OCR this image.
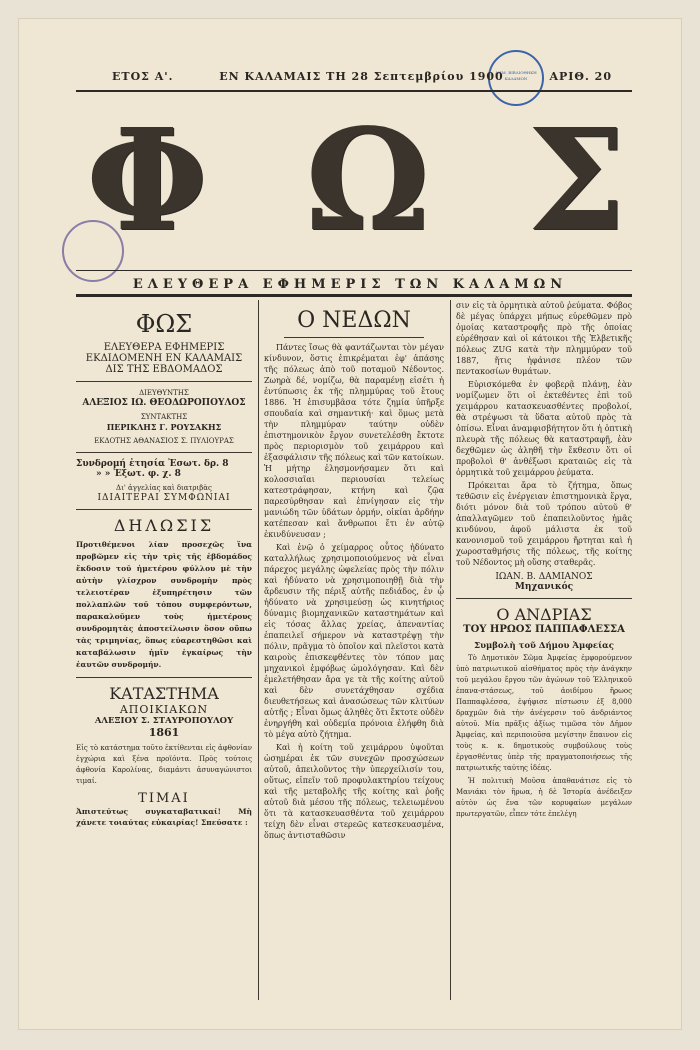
ΔΗΜ. ΒΙΒΛΙΟΘΗΚΗ ΚΑΛΑΜΩΝ
ΕΤΟΣ Α'.	ΕΝ ΚΑΛΑΜΑΙΣ ΤΗ 28 Σεπτεμβρίου 1900	ΑΡΙΘ. 20
Φ Ω Σ
ΕΛΕΥΘΕΡΑ ΕΦΗΜΕΡΙΣ ΤΩΝ ΚΑΛΑΜΩΝ
ΦΩΣ
ΕΛΕΥΘΕΡΑ ΕΦΗΜΕΡΙΣ
ΕΚΔΙΔΟΜΕΝΗ ΕΝ ΚΑΛΑΜΑΙΣ
ΔΙΣ ΤΗΣ ΕΒΔΟΜΑΔΟΣ
ΔΙΕΥΘΥΝΤΗΣ
ΑΛΕΞΙΟΣ ΙΩ. ΘΕΟΔΩΡΟΠΟΥΛΟΣ
ΣΥΝΤΑΚΤΗΣ
ΠΕΡΙΚΛΗΣ Γ. ΡΟΥΣΑΚΗΣ
ΕΚΔΟΤΗΣ ΑΘΑΝΑΣΙΟΣ Σ. ΠΥΛΙΟΥΡΑΣ
Συνδρομή ἐτησία Ἐσωτ. δρ. 8
» » Ἐξωτ. φ. χ. 8
Δι' ἀγγελίας καὶ διατριβὰς
ΙΔΙΑΙΤΕΡΑΙ ΣΥΜΦΩΝΙΑΙ
ΔΗΛΩΣΙΣ
Προτιθέμενοι λίαν προσεχῶς ἵνα προβῶμεν εἰς τὴν τρὶς τῆς ἑβδομάδος ἔκδοσιν τοῦ ἡμετέρου φύλλου μὲ τὴν αὐτὴν γλίσχρον συνδρομὴν πρὸς τελειοτέραν ἐξυπηρέτησιν τῶν πολλαπλῶν τοῦ τόπου συμφερόντων, παρακαλοῦμεν τοὺς ἡμετέρους συνδρομητὰς ἀποστείλωσιν ὅσον οὔπω τὰς τριμηνίας, ὅπως εὐαρεστηθῶσι καὶ καταβάλωσιν ἡμῖν ἐγκαίρως τὴν ἑαυτῶν συνδρομήν.
ΚΑΤΑΣΤΗΜΑ
ΑΠΟΙΚΙΑΚΩΝ
ΑΛΕΞΙΟΥ Σ. ΣΤΑΥΡΟΠΟΥΛΟΥ
1861
Εἰς τὸ κατάστημα τοῦτο ἐκτίθενται εἰς ἀφθονίαν ἐγχώρια καὶ ξένα προϊόντα. Πρὸς τούτοις ἀφθονία Καρολίνας, διαμάντι ἀσυναγώνιστοι τιμαί.
ΤΙΜΑΙ
Ἀπιστεύτως συγκαταβατικαί! Μὴ χάνετε τοιαύτας εὐκαιρίας! Σπεύσατε :
Ο ΝΕΔΩΝ

Πάντες ἴσως θὰ φαντάζωνται τὸν μέγαν κίνδυνον, ὅστις ἐπικρέμαται ἐφ' ἁπάσης τῆς πόλεως ἀπὸ τοῦ ποταμοῦ Νέδοντος. Ζωηρὰ δέ, νομίζω, θὰ παραμένῃ εἰσέτι ἡ ἐντύπωσις ἐκ τῆς πλημμύρας τοῦ ἔτους 1886. Ἡ ἐπισυμβᾶσα τότε ζημία ὑπῆρξε σπουδαία καὶ σημαντική· καὶ ὅμως μετὰ τὴν πλημμύραν ταύτην οὐδὲν ἐπιστημονικὸν ἔργον συνετελέσθη ἔκτοτε πρὸς περιορισμὸν τοῦ χειμάρρου καὶ ἐξασφάλισιν τῆς πόλεως καὶ τῶν κατοίκων. Ἡ μήτηρ ἐλησμονήσαμεν ὅτι καὶ κολοσσιαῖαι περιουσίαι τελείως κατεστράφησαν, κτήνη καὶ ζῷα παρεσύρθησαν καὶ ἐπνίγησαν εἰς τὴν μανιώδη τῶν ὑδάτων ὁρμήν, οἰκίαι ἀρδήην κατέπεσαν καὶ ἄνθρωποι ἔτι ἐν αὐτῷ ἐκινδύνευσαν ;

Καὶ ἐνῷ ὁ χείμαρρος οὗτος ἠδύνατο καταλλήλως χρησιμοποιούμενος νὰ εἶναι πάρεχος μεγάλης ὠφελείας πρὸς τὴν πόλιν καὶ ἠδύνατο νὰ χρησιμοποιηθῇ διὰ τὴν ἄρδευσιν τῆς πέριξ αὐτῆς πεδιάδος, ἐν ᾧ ἠδύνατο νὰ χρησιμεύσῃ ὡς κινητήριος δύναμις βιομηχανικῶν καταστημάτων καὶ εἰς τόσας ἄλλας χρείας, ἀπεναντίας ἐπαπειλεῖ σήμερον νὰ καταστρέψῃ τὴν πόλιν, πρᾶγμα τὸ ὁποῖον καὶ πλεῖστοι κατὰ καιροὺς ἐπισκεφθέντες τὸν τόπον μας μηχανικοὶ ἐμφόβως ὡμολόγησαν. Καὶ δὲν ἐμελετήθησαν ἄρα γε τὰ τῆς κοίτης αὐτοῦ καὶ δὲν συνετάχθησαν σχέδια διευθετήσεως καὶ ἀνασώσεως τῶν κλιτύων αὐτῆς ; Εἶναι ὅμως ἀληθὲς ὅτι ἔκτοτε οὐδὲν ἐνηργήθη καὶ οὐδεμία πρόνοια ἐλήφθη διὰ τὸ μέγα αὐτὸ ζήτημα.

Καὶ ἡ κοίτη τοῦ χειμάρρου ὑψοῦται ὡσημέραι ἐκ τῶν συνεχῶν προσχώσεων αὐτοῦ, ἀπειλοῦντος τὴν ὑπερχείλισίν του, οὕτως, εἰπεῖν τοῦ προφυλακτηρίου τείχους καὶ τῆς μεταβολῆς τῆς κοίτης καὶ ῥοῆς αὐτοῦ διὰ μέσου τῆς πόλεως, τελειωμένου ὅτι τὰ κατασκευασθέντα τοῦ χειμάρρου τείχη δὲν εἶναι στερεῶς κατεσκευασμένα, ὅπως ἀντισταθῶσιν

σιν εἰς τὰ ὁρμητικὰ αὐτοῦ ῥεύματα. Φόβος δὲ μέγας ὑπάρχει μήπως εὑρεθῶμεν πρὸ ὁμοίας καταστροφῆς πρὸ τῆς ὁποίας εὑρέθησαν καὶ οἱ κάτοικοι τῆς Ἑλβετικῆς πόλεως ZUG κατὰ τὴν πλημμύραν τοῦ 1887, ἥτις ἠφάνισε πλέον τῶν πεντακοσίων θυμάτων.

Εὑρισκόμεθα ἐν φοβερᾷ πλάνῃ, ἐὰν νομίζωμεν ὅτι οἱ ἐκτεθέντες ἐπὶ τοῦ χειμάρρου κατασκευασθέντες προβολοί, θὰ στρέψωσι τὰ ὕδατα αὐτοῦ πρὸς τὰ ὀπίσω. Εἶναι ἀναμφισβήτητον ὅτι ἡ ὀπτικὴ πλευρὰ τῆς πόλεως θὰ καταστραφῇ, ἐὰν δεχθῶμεν ὡς ἀληθῆ τὴν ἔκθεσιν ὅτι οἱ προβολοὶ θ' ἀνθέξωσι κραταιῶς εἰς τὰ ὁρμητικὰ τοῦ χειμάρρου ῥεύματα.

Πρόκειται ἄρα τὸ ζήτημα, ὅπως τεθῶσιν εἰς ἐνέργειαν ἐπιστημονικὰ ἔργα, διότι μόνον διὰ τοῦ τρόπου αὐτοῦ θ' ἀπαλλαγῶμεν τοῦ ἐπαπειλοῦντος ἡμᾶς κινδύνου, ἀφοῦ μάλιστα ἐκ τοῦ κανονισμοῦ τοῦ χειμάρρου ἤρτηται καὶ ἡ χωροσταθμήσις τῆς πόλεως, τῆς κοίτης τοῦ Νέδοντος μὴ οὔσης σταθερᾶς.

ΙΩΑΝ. Β. ΔΑΜΙΑΝΟΣ
Μηχανικός
Ο ΑΝΔΡΙΑΣ
ΤΟΥ ΗΡΩΟΣ ΠΑΠΠΑΦΛΕΣΣΑ
Συμβολὴ τοῦ Δήμου Ἀμφείας

Τὸ Δημοτικὸν Σῶμα Ἀμφείας ἐμφορούμενον ὑπὸ πατριωτικοῦ αἰσθήματος πρὸς τὴν ἀνάγκην τοῦ μεγάλου ἔργου τῶν ἀγώνων τοῦ Ἑλληνικοῦ ἐπανα-στάσεως, τοῦ ἀοιδίμου ἥρωος Παππαφλέσσα, ἐψήφισε πίστωσιν ἐξ 8,000 δραχμῶν διὰ τὴν ἀνέγερσιν τοῦ ἀνδριάντος αὐτοῦ. Μία πρᾶξις ἀξίως τιμῶσα τὸν Δῆμον Ἀμφείας, καὶ περιποιοῦσα μεγίστην ἔπαινον εἰς τοὺς κ. κ. δημοτικοὺς συμβούλους τοὺς ἐργασθέντας ὑπὲρ τῆς πραγματοποιήσεως τῆς πατριωτικῆς ταύτης ἰδέας.

Ἡ πολιτικὴ Μοῦσα ἀπαθανάτισε εἰς τὸ Μανιάκι τὸν ἥρωα, ἡ δὲ Ἱστορία ἀνέδειξεν αὐτὸν ὡς ἕνα τῶν κορυφαίων μεγάλων πρωτεργατῶν, εἶπεν τότε ἐπελέγη
